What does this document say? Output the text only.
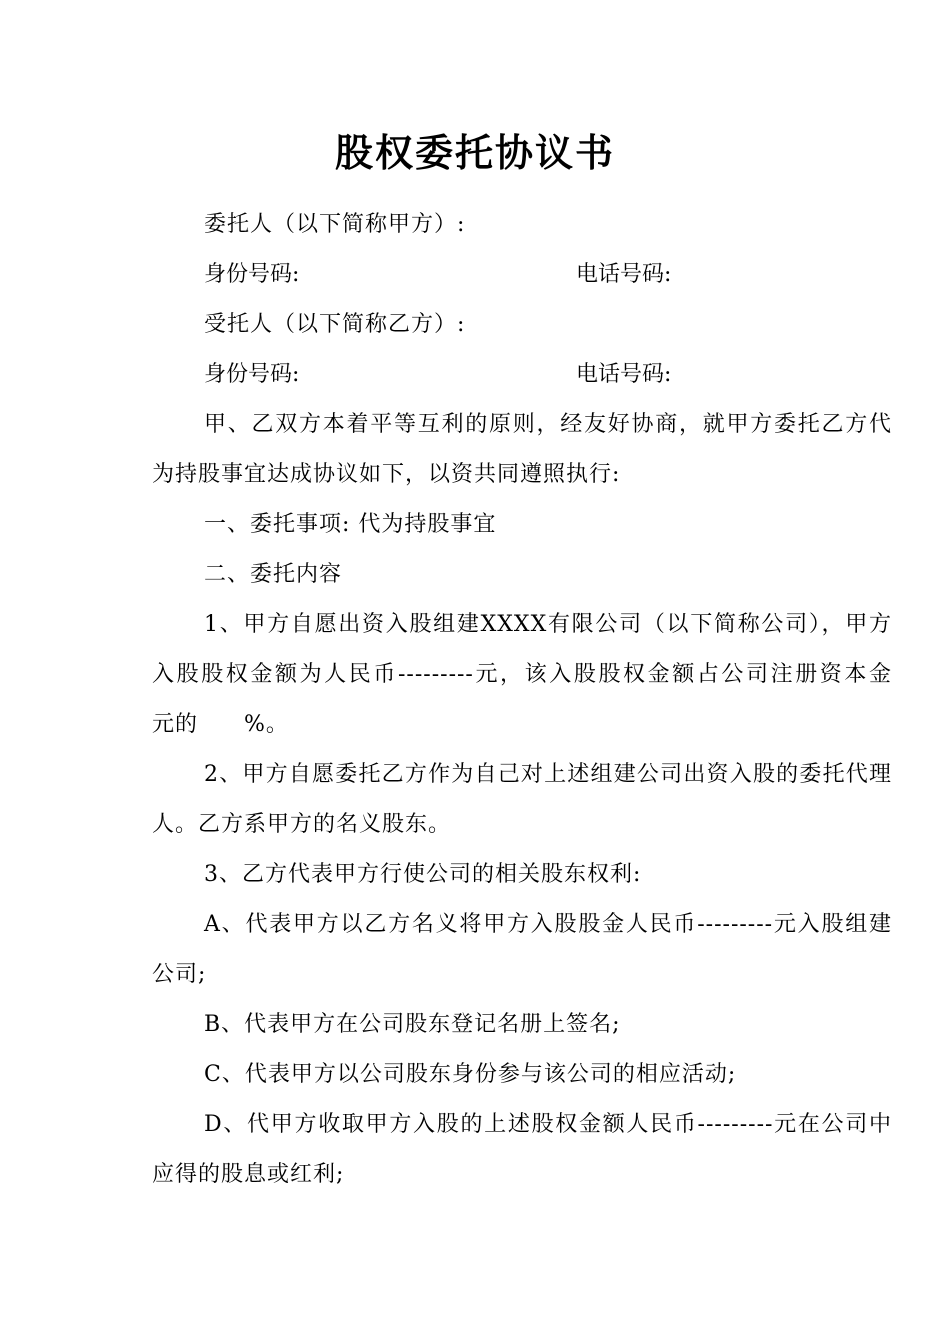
股权委托协议书

委托人（以下简称甲方）:

身份号码:	电话号码:

受托人（以下简称乙方）:

身份号码:	电话号码:

甲、乙双方本着平等互利的原则，经友好协商，就甲方委托乙方代为持股事宜达成协议如下，以资共同遵照执行:

一、委托事项: 代为持股事宜

二、委托内容

1、甲方自愿出资入股组建XXXX有限公司（以下简称公司），甲方入股股权金额为人民币---------元，该入股股权金额占公司注册资本金　　元的　　%。

2、甲方自愿委托乙方作为自己对上述组建公司出资入股的委托代理人。乙方系甲方的名义股东。

3、乙方代表甲方行使公司的相关股东权利:

A、代表甲方以乙方名义将甲方入股股金人民币---------元入股组建公司;

B、代表甲方在公司股东登记名册上签名;

C、代表甲方以公司股东身份参与该公司的相应活动;

D、代甲方收取甲方入股的上述股权金额人民币---------元在公司中应得的股息或红利;
